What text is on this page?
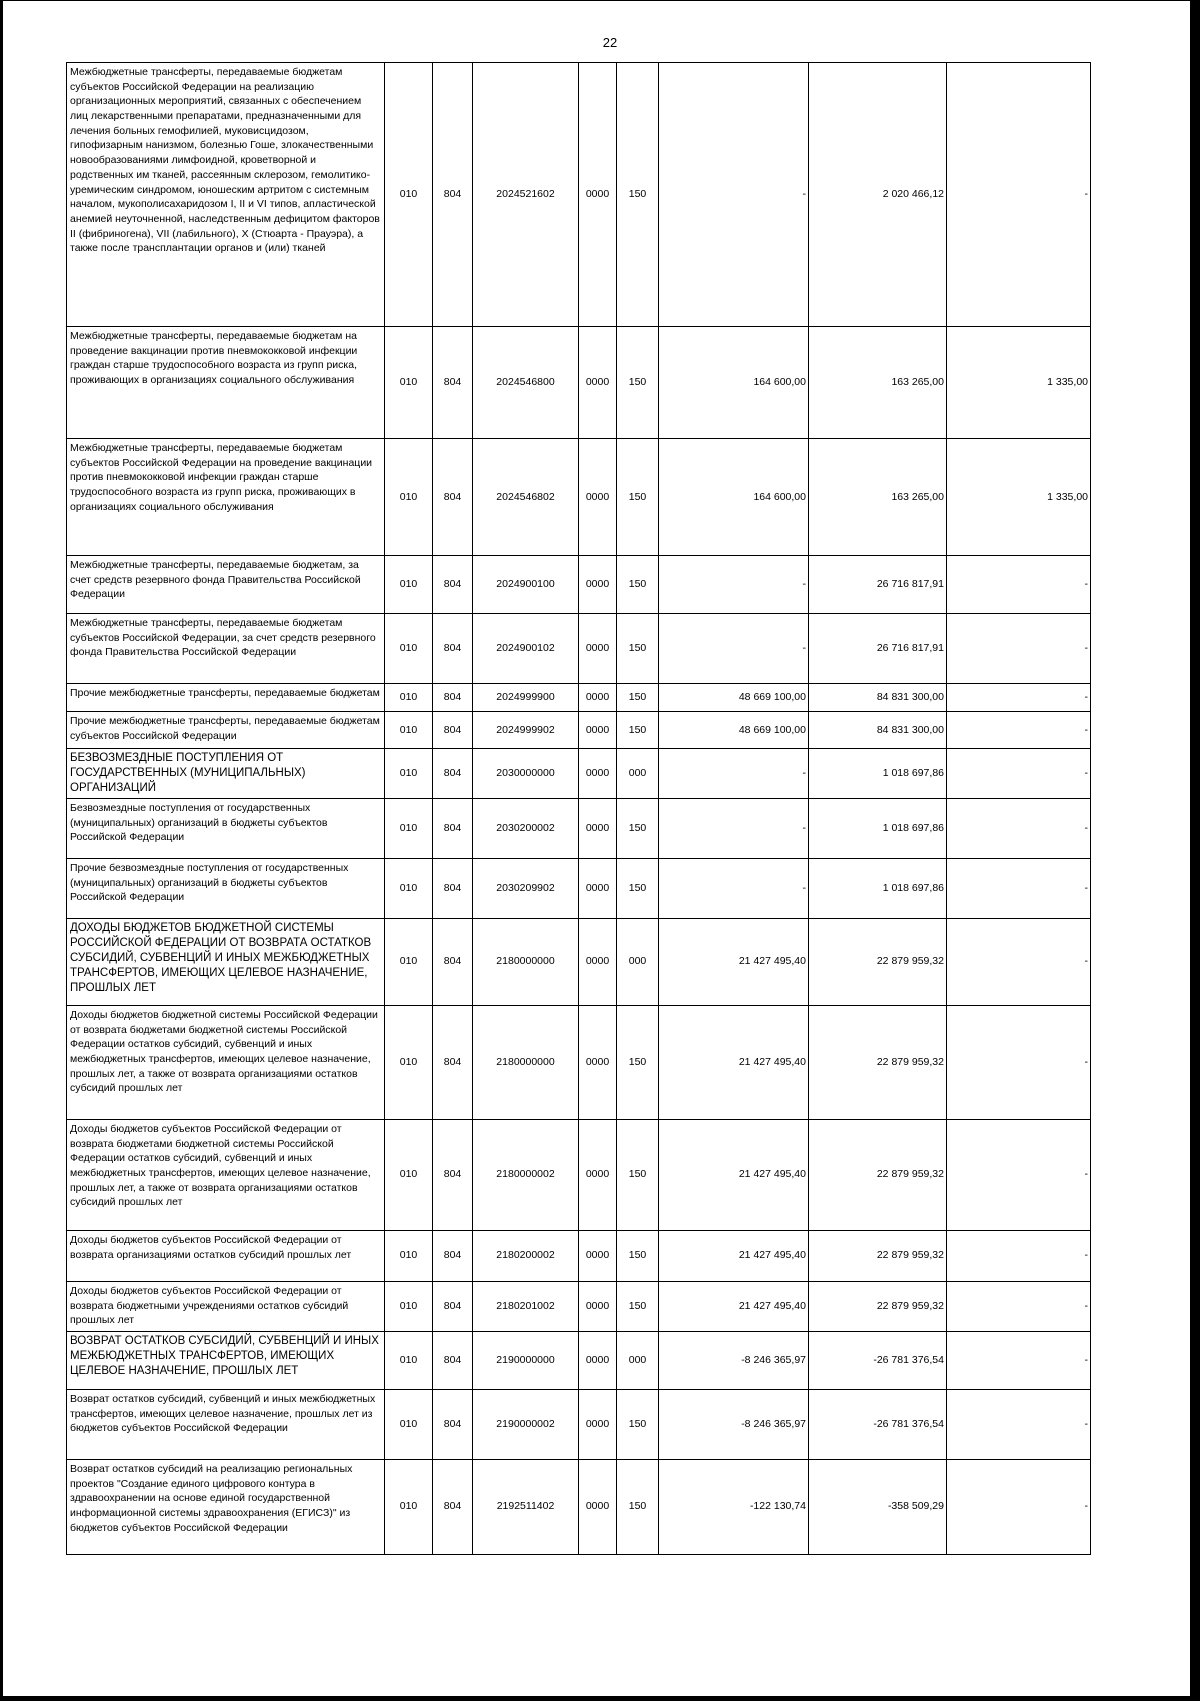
22
Межбюджетные трансферты, передаваемые бюджетам субъектов Российской Федерации на реализацию организационных мероприятий, связанных с обеспечением лиц лекарственными препаратами, предназначенными для лечения больных гемофилией, муковисцидозом, гипофизарным нанизмом, болезнью Гоше, злокачественными новообразованиями лимфоидной, кроветворной и родственных им тканей, рассеянным склерозом, гемолитико-уремическим синдромом, юношеским артритом с системным началом, мукополисахаридозом I, II и VI типов, апластической анемией неуточненной, наследственным дефицитом факторов II (фибриногена), VII (лабильного), X (Стюарта - Прауэра), а также после трансплантации органов и (или) тканей	010	804	2024521602	0000	150	-	2 020 466,12	-
Межбюджетные трансферты, передаваемые бюджетам на проведение вакцинации против пневмококковой инфекции граждан старше трудоспособного возраста из групп риска, проживающих в организациях социального обслуживания	010	804	2024546800	0000	150	164 600,00	163 265,00	1 335,00
Межбюджетные трансферты, передаваемые бюджетам субъектов Российской Федерации на проведение вакцинации против пневмококковой инфекции граждан старше трудоспособного возраста из групп риска, проживающих в организациях социального обслуживания	010	804	2024546802	0000	150	164 600,00	163 265,00	1 335,00
Межбюджетные трансферты, передаваемые бюджетам, за счет средств резервного фонда Правительства Российской Федерации	010	804	2024900100	0000	150	-	26 716 817,91	-
Межбюджетные трансферты, передаваемые бюджетам субъектов Российской Федерации, за счет средств резервного фонда Правительства Российской Федерации	010	804	2024900102	0000	150	-	26 716 817,91	-
Прочие межбюджетные трансферты, передаваемые бюджетам	010	804	2024999900	0000	150	48 669 100,00	84 831 300,00	-
Прочие межбюджетные трансферты, передаваемые бюджетам субъектов Российской Федерации	010	804	2024999902	0000	150	48 669 100,00	84 831 300,00	-
БЕЗВОЗМЕЗДНЫЕ ПОСТУПЛЕНИЯ ОТ ГОСУДАРСТВЕННЫХ (МУНИЦИПАЛЬНЫХ) ОРГАНИЗАЦИЙ	010	804	2030000000	0000	000	-	1 018 697,86	-
Безвозмездные поступления от государственных (муниципальных) организаций в бюджеты субъектов Российской Федерации	010	804	2030200002	0000	150	-	1 018 697,86	-
Прочие безвозмездные поступления от государственных (муниципальных) организаций в бюджеты субъектов Российской Федерации	010	804	2030209902	0000	150	-	1 018 697,86	-
ДОХОДЫ БЮДЖЕТОВ БЮДЖЕТНОЙ СИСТЕМЫ РОССИЙСКОЙ ФЕДЕРАЦИИ ОТ ВОЗВРАТА ОСТАТКОВ СУБСИДИЙ, СУБВЕНЦИЙ И ИНЫХ МЕЖБЮДЖЕТНЫХ ТРАНСФЕРТОВ, ИМЕЮЩИХ ЦЕЛЕВОЕ НАЗНАЧЕНИЕ, ПРОШЛЫХ ЛЕТ	010	804	2180000000	0000	000	21 427 495,40	22 879 959,32	-
Доходы бюджетов бюджетной системы Российской Федерации от возврата бюджетами бюджетной системы Российской Федерации остатков субсидий, субвенций и иных межбюджетных трансфертов, имеющих целевое назначение, прошлых лет, а также от возврата организациями остатков субсидий прошлых лет	010	804	2180000000	0000	150	21 427 495,40	22 879 959,32	-
Доходы бюджетов субъектов Российской Федерации от возврата бюджетами бюджетной системы Российской Федерации остатков субсидий, субвенций и иных межбюджетных трансфертов, имеющих целевое назначение, прошлых лет, а также от возврата организациями остатков субсидий прошлых лет	010	804	2180000002	0000	150	21 427 495,40	22 879 959,32	-
Доходы бюджетов субъектов Российской Федерации от возврата организациями остатков субсидий прошлых лет	010	804	2180200002	0000	150	21 427 495,40	22 879 959,32	-
Доходы бюджетов субъектов Российской Федерации от возврата бюджетными учреждениями остатков субсидий прошлых лет	010	804	2180201002	0000	150	21 427 495,40	22 879 959,32	-
ВОЗВРАТ ОСТАТКОВ СУБСИДИЙ, СУБВЕНЦИЙ И ИНЫХ МЕЖБЮДЖЕТНЫХ ТРАНСФЕРТОВ, ИМЕЮЩИХ ЦЕЛЕВОЕ НАЗНАЧЕНИЕ, ПРОШЛЫХ ЛЕТ	010	804	2190000000	0000	000	-8 246 365,97	-26 781 376,54	-
Возврат остатков субсидий, субвенций и иных межбюджетных трансфертов, имеющих целевое назначение, прошлых лет из бюджетов субъектов Российской Федерации	010	804	2190000002	0000	150	-8 246 365,97	-26 781 376,54	-
Возврат остатков субсидий на реализацию региональных проектов "Создание единого цифрового контура в здравоохранении на основе единой государственной информационной системы здравоохранения (ЕГИСЗ)" из бюджетов субъектов Российской Федерации	010	804	2192511402	0000	150	-122 130,74	-358 509,29	-
